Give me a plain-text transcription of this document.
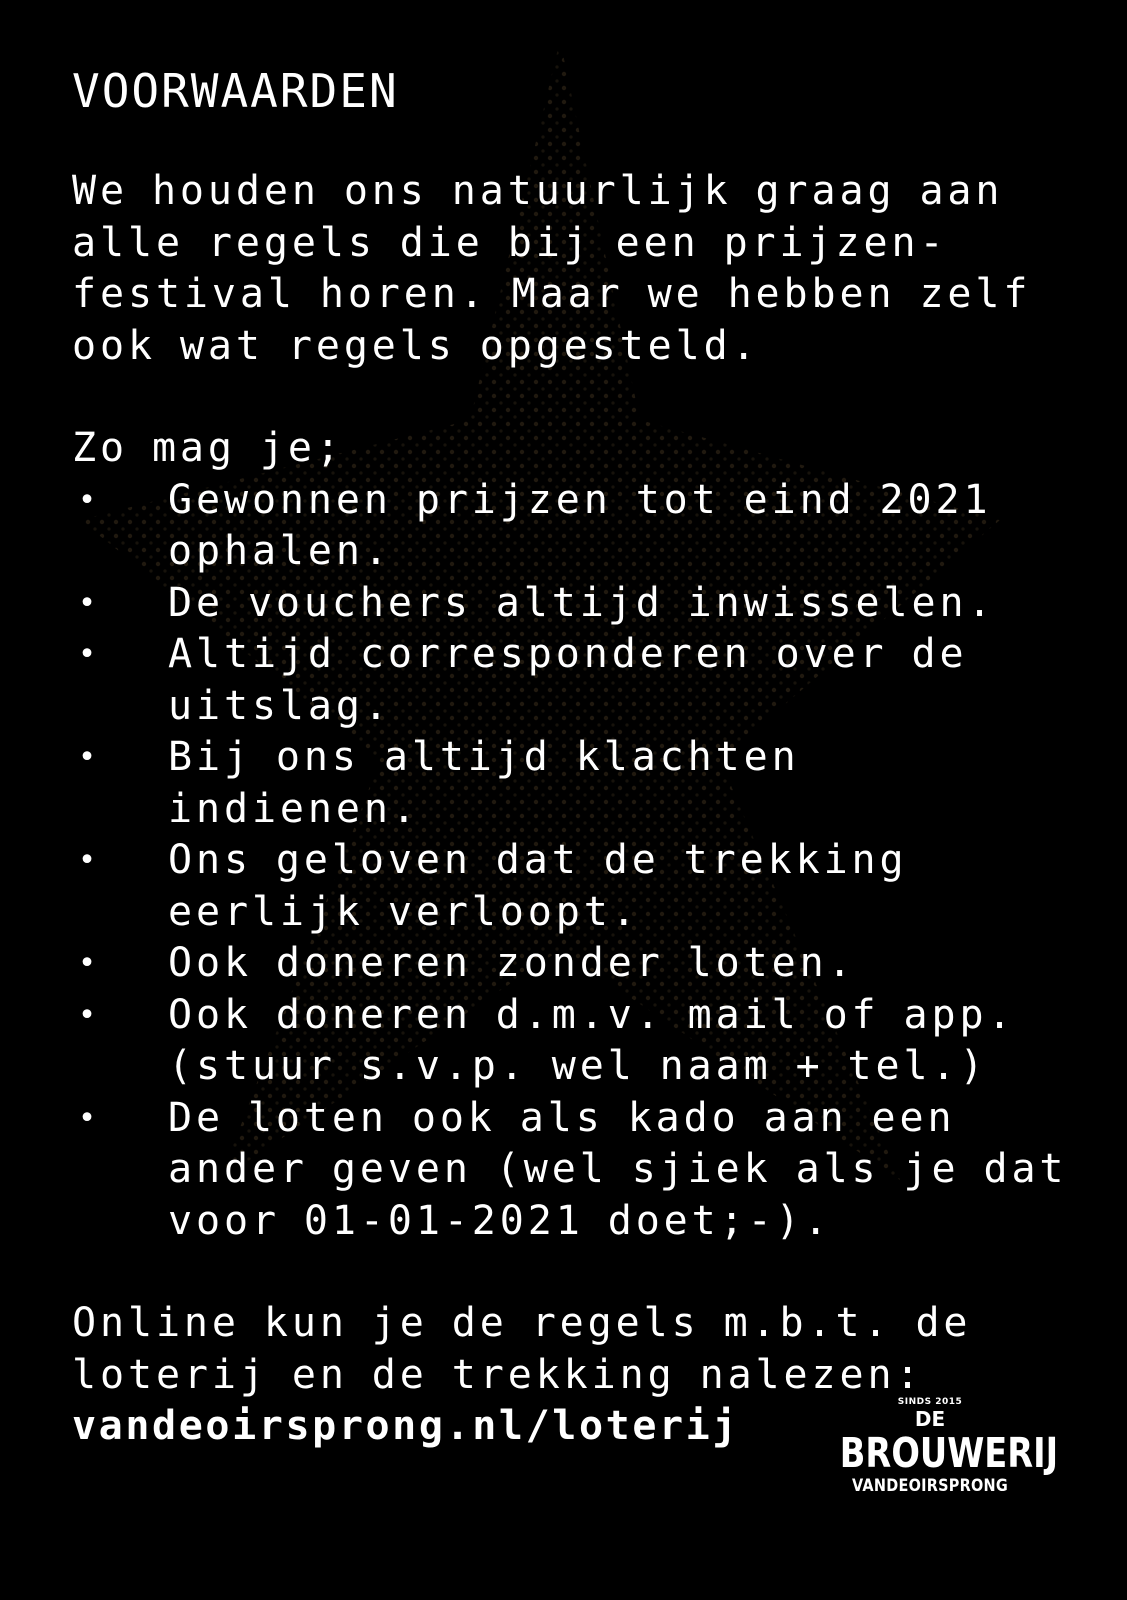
VOORWAARDEN

We houden ons natuurlijk graag aan
alle regels die bij een prijzen-
festival horen. Maar we hebben zelf
ook wat regels opgesteld.

Zo mag je;

• Gewonnen prijzen tot eind 2021
ophalen.
• De vouchers altijd inwisselen.
• Altijd corresponderen over de
uitslag.
• Bij ons altijd klachten indienen.
• Ons geloven dat de trekking
eerlijk verloopt.
• Ook doneren zonder loten.
• Ook doneren d.m.v. mail of app.
(stuur s.v.p. wel naam + tel.)
• De loten ook als kado aan een
ander geven (wel sjiek als je dat
voor 01-01-2021 doet;-).

Online kun je de regels m.b.t. de
loterij en de trekking nalezen:

vandeoirsprong.nl/loterij

SINDS 2015
DE
BROUWERIJ
VANDEOIRSPRONG
